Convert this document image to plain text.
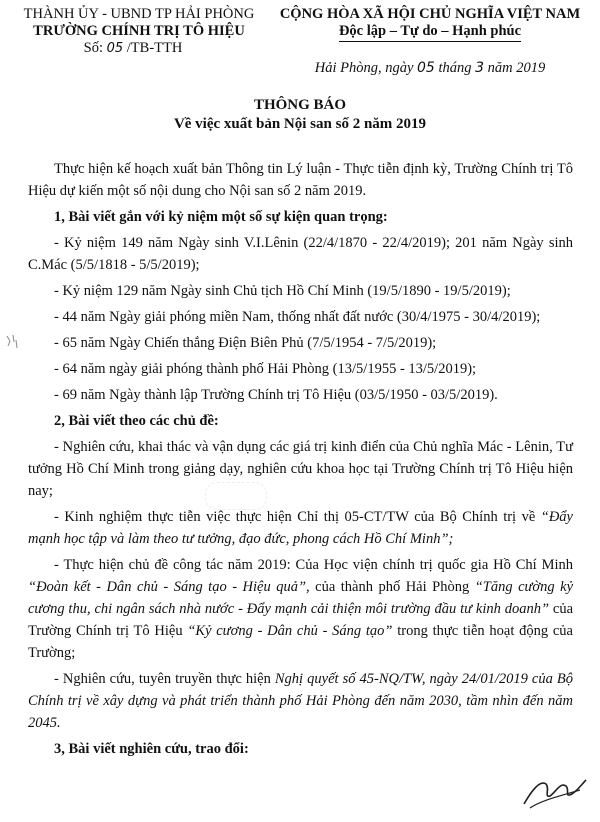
THÀNH ỦY - UBND TP HẢI PHÒNG
TRƯỜNG CHÍNH TRỊ TÔ HIỆU
Số: 05 /TB-TTH
CỘNG HÒA XÃ HỘI CHỦ NGHĨA VIỆT NAM
Độc lập – Tự do – Hạnh phúc
Hải Phòng, ngày 05 tháng 3 năm 2019
THÔNG BÁO
Về việc xuất bản Nội san số 2 năm 2019

Thực hiện kế hoạch xuất bản Thông tin Lý luận - Thực tiễn định kỳ, Trường Chính trị Tô Hiệu dự kiến một số nội dung cho Nội san số 2 năm 2019.

1, Bài viết gắn với kỷ niệm một số sự kiện quan trọng:

- Kỷ niệm 149 năm Ngày sinh V.I.Lênin (22/4/1870 - 22/4/2019); 201 năm Ngày sinh C.Mác (5/5/1818 - 5/5/2019);

- Kỷ niệm 129 năm Ngày sinh Chủ tịch Hồ Chí Minh (19/5/1890 - 19/5/2019);

- 44 năm Ngày giải phóng miền Nam, thống nhất đất nước (30/4/1975 - 30/4/2019);

- 65 năm Ngày Chiến thắng Điện Biên Phủ (7/5/1954 - 7/5/2019);

- 64 năm ngày giải phóng thành phố Hải Phòng (13/5/1955 - 13/5/2019);

- 69 năm Ngày thành lập Trường Chính trị Tô Hiệu (03/5/1950 - 03/5/2019).

2, Bài viết theo các chủ đề:

- Nghiên cứu, khai thác và vận dụng các giá trị kinh điển của Chủ nghĩa Mác - Lênin, Tư tưởng Hồ Chí Minh trong giảng dạy, nghiên cứu khoa học tại Trường Chính trị Tô Hiệu hiện nay;

- Kinh nghiệm thực tiễn việc thực hiện Chỉ thị 05-CT/TW của Bộ Chính trị về “Đẩy mạnh học tập và làm theo tư tưởng, đạo đức, phong cách Hồ Chí Minh”;

- Thực hiện chủ đề công tác năm 2019: Của Học viện chính trị quốc gia Hồ Chí Minh “Đoàn kết - Dân chủ - Sáng tạo - Hiệu quả”, của thành phố Hải Phòng “Tăng cường kỷ cương thu, chi ngân sách nhà nước - Đẩy mạnh cải thiện môi trường đầu tư kinh doanh” của Trường Chính trị Tô Hiệu “Kỷ cương - Dân chủ - Sáng tạo” trong thực tiễn hoạt động của Trường;

- Nghiên cứu, tuyên truyền thực hiện Nghị quyết số 45-NQ/TW, ngày 24/01/2019 của Bộ Chính trị về xây dựng và phát triển thành phố Hải Phòng đến năm 2030, tầm nhìn đến năm 2045.

3, Bài viết nghiên cứu, trao đổi:
